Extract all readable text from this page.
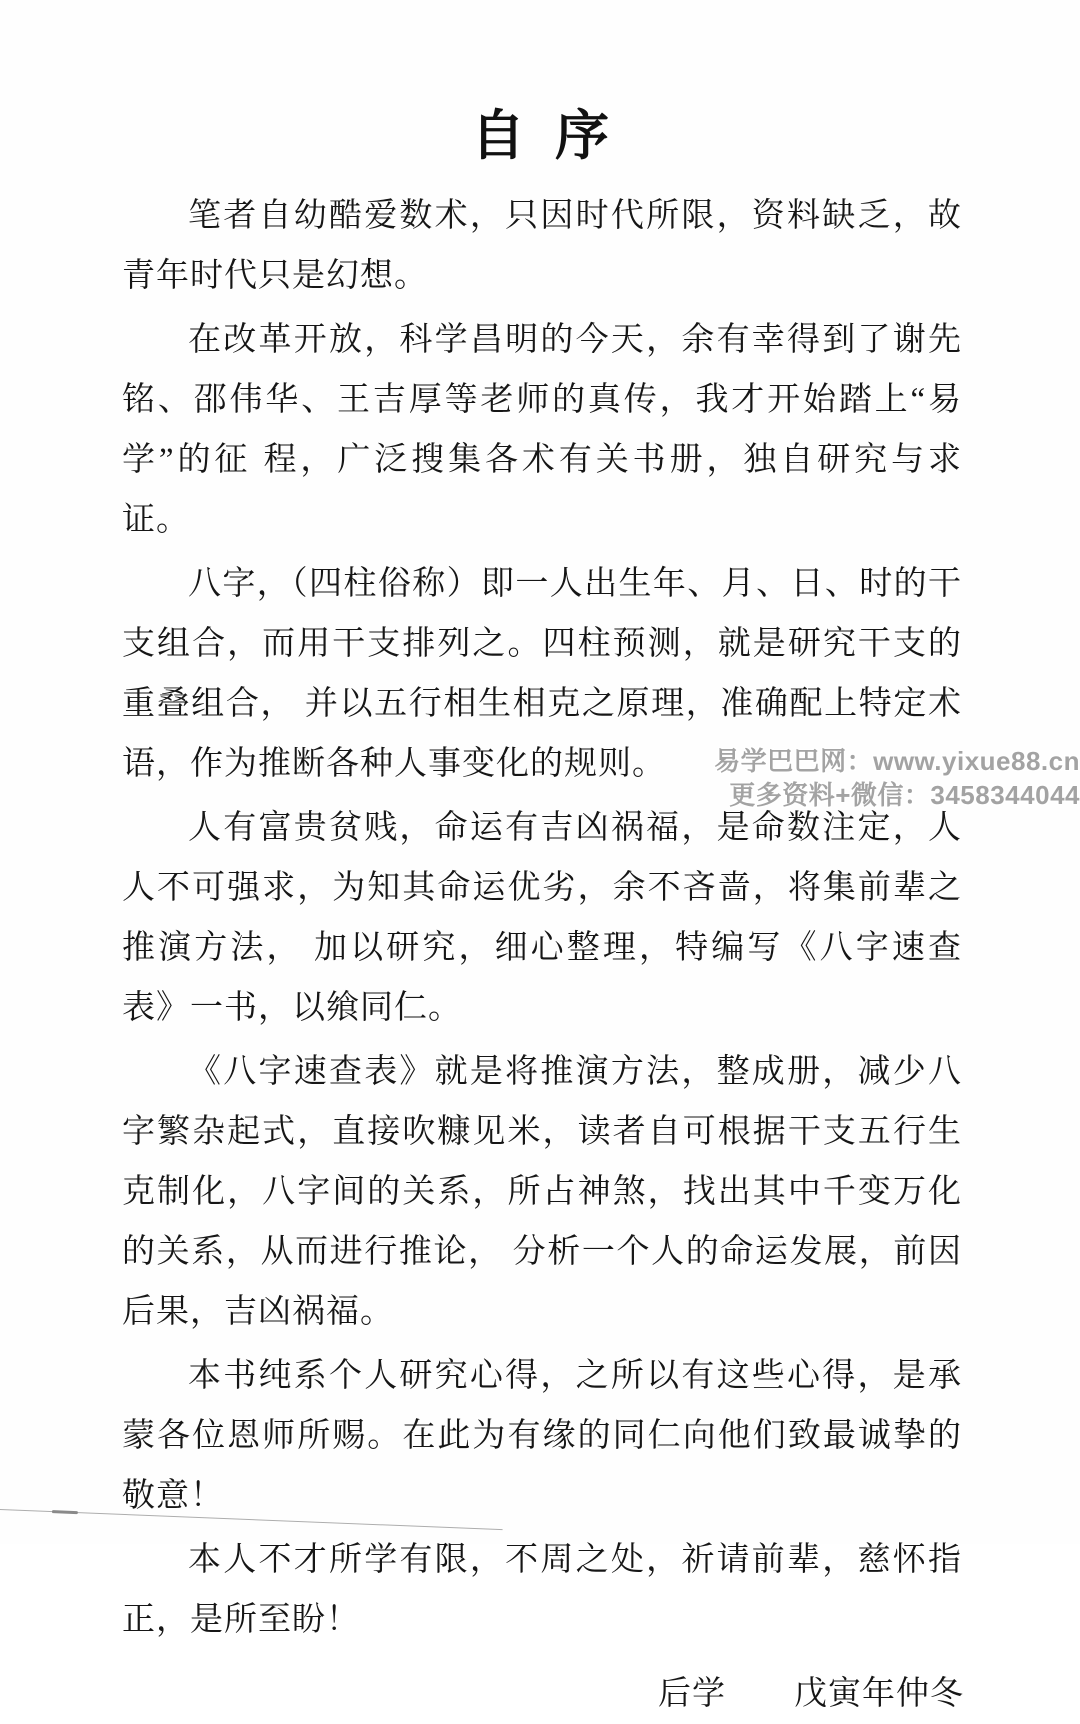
自序

笔者自幼酷爱数术，只因时代所限，资料缺乏，故青年时代只是幻想。

在改革开放，科学昌明的今天，余有幸得到了谢先铭、邵伟华、王吉厚等老师的真传，我才开始踏上“易学”的征 程，广泛搜集各术有关书册，独自研究与求证。

八字，（四柱俗称）即一人出生年、月、日、时的干支组合，而用干支排列之。四柱预测，就是研究干支的重叠组合， 并以五行相生相克之原理，准确配上特定术语，作为推断各种人事变化的规则。

人有富贵贫贱，命运有吉凶祸福，是命数注定，人人不可强求，为知其命运优劣，余不吝啬，将集前辈之推演方法， 加以研究，细心整理，特编写《八字速查表》一书，以飨同仁。

《八字速查表》就是将推演方法，整成册，减少八字繁杂起式，直接吹糠见米，读者自可根据干支五行生克制化，八字间的关系，所占神煞，找出其中千变万化的关系，从而进行推论， 分析一个人的命运发展，前因后果，吉凶祸福。

本书纯系个人研究心得，之所以有这些心得，是承蒙各位恩师所赐。在此为有缘的同仁向他们致最诚挚的敬意！

本人不才所学有限，不周之处，祈请前辈，慈怀指正，是所至盼！

后学　　戊寅年仲冬

易学巴巴网：www.yixue88.cn
更多资料+微信：3458344044
